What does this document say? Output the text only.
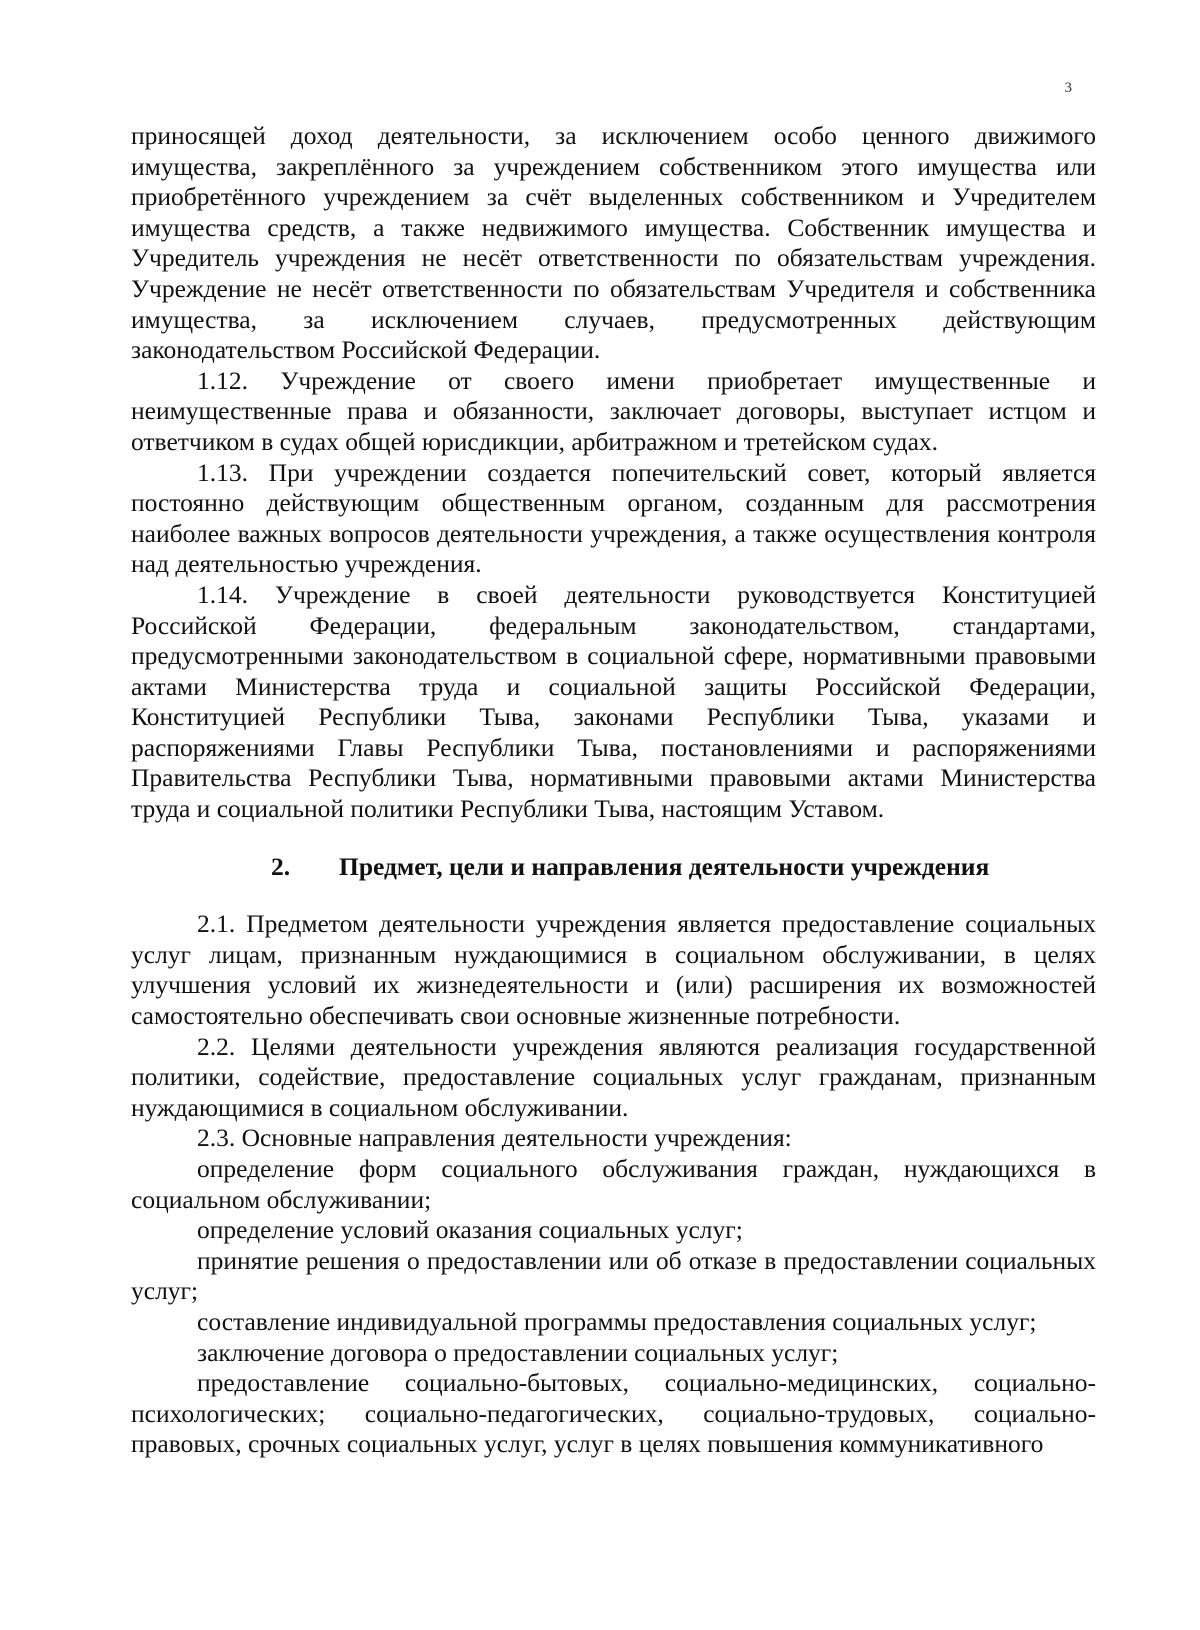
3

приносящей доход деятельности, за исключением особо ценного движимого имущества, закреплённого за учреждением собственником этого имущества или приобретённого учреждением за счёт выделенных собственником и Учредителем имущества средств, а также недвижимого имущества. Собственник имущества и Учредитель учреждения не несёт ответственности по обязательствам учреждения. Учреждение не несёт ответственности по обязательствам Учредителя и собственника имущества, за исключением случаев, предусмотренных действующим законодательством Российской Федерации.

1.12. Учреждение от своего имени приобретает имущественные и неимущественные права и обязанности, заключает договоры, выступает истцом и ответчиком в судах общей юрисдикции, арбитражном и третейском судах.

1.13. При учреждении создается попечительский совет, который является постоянно действующим общественным органом, созданным для рассмотрения наиболее важных вопросов деятельности учреждения, а также осуществления контроля над деятельностью учреждения.

1.14. Учреждение в своей деятельности руководствуется Конституцией Российской Федерации, федеральным законодательством, стандартами, предусмотренными законодательством в социальной сфере, нормативными правовыми актами Министерства труда и социальной защиты Российской Федерации, Конституцией Республики Тыва, законами Республики Тыва, указами и распоряжениями Главы Республики Тыва, постановлениями и распоряжениями Правительства Республики Тыва, нормативными правовыми актами Министерства труда и социальной политики Республики Тыва, настоящим Уставом.

2. Предмет, цели и направления деятельности учреждения

2.1. Предметом деятельности учреждения является предоставление социальных услуг лицам, признанным нуждающимися в социальном обслуживании, в целях улучшения условий их жизнедеятельности и (или) расширения их возможностей самостоятельно обеспечивать свои основные жизненные потребности.

2.2. Целями деятельности учреждения являются реализация государственной политики, содействие, предоставление социальных услуг гражданам, признанным нуждающимися в социальном обслуживании.

2.3. Основные направления деятельности учреждения:

определение форм социального обслуживания граждан, нуждающихся в социальном обслуживании;

определение условий оказания социальных услуг;

принятие решения о предоставлении или об отказе в предоставлении социальных услуг;

составление индивидуальной программы предоставления социальных услуг;

заключение договора о предоставлении социальных услуг;

предоставление социально-бытовых, социально-медицинских, социально-психологических; социально-педагогических, социально-трудовых, социально-правовых, срочных социальных услуг, услуг в целях повышения коммуникативного
